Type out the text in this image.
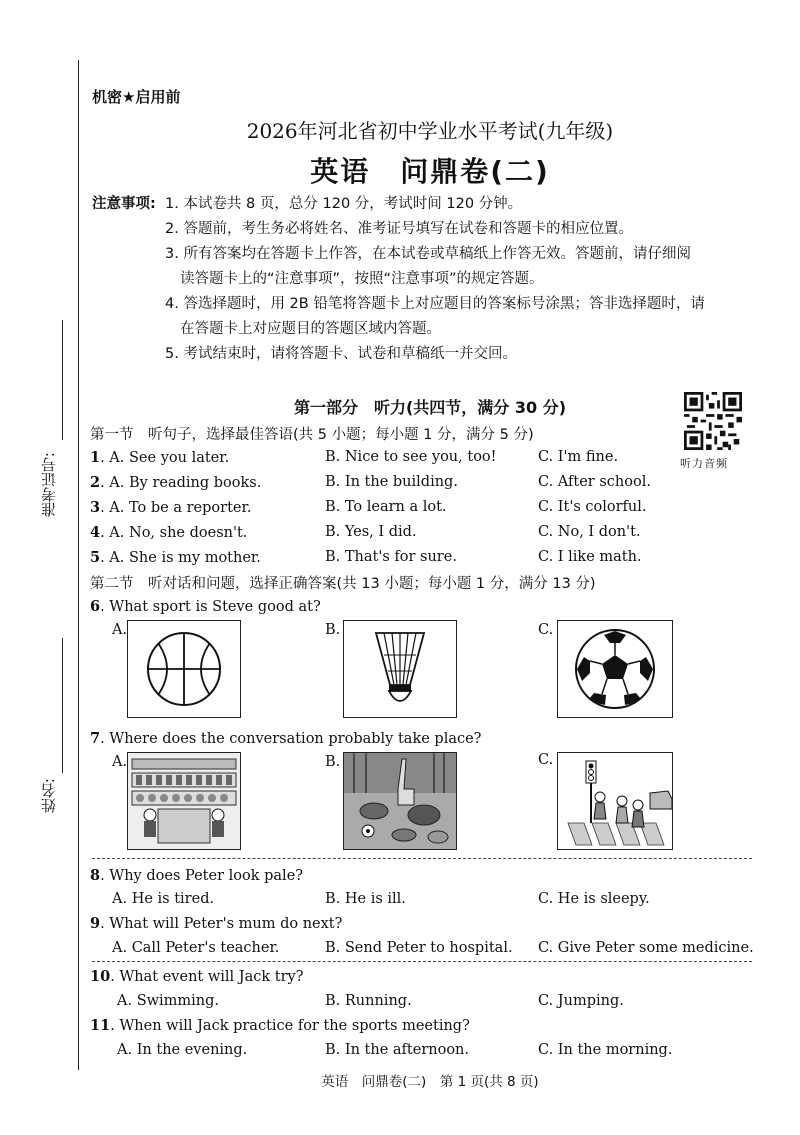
准考证号:
姓名:
机密★启用前
2026年河北省初中学业水平考试(九年级)
英语　问鼎卷(二)
注意事项: 1. 本试卷共 8 页，总分 120 分，考试时间 120 分钟。
2. 答题前，考生务必将姓名、准考证号填写在试卷和答题卡的相应位置。
3. 所有答案均在答题卡上作答，在本试卷或草稿纸上作答无效。答题前，请仔细阅
读答题卡上的“注意事项”，按照“注意事项”的规定答题。
4. 答选择题时，用 2B 铅笔将答题卡上对应题目的答案标号涂黑；答非选择题时，请
在答题卡上对应题目的答题区域内答题。
5. 考试结束时，请将答题卡、试卷和草稿纸一并交回。
第一部分　听力(共四节，满分 30 分)
听力音频
第一节　听句子，选择最佳答语(共 5 小题；每小题 1 分，满分 5 分)
1. A. See you later.	B. Nice to see you, too!	C. I'm fine.
2. A. By reading books.	B. In the building.	C. After school.
3. A. To be a reporter.	B. To learn a lot.	C. It's colorful.
4. A. No, she doesn't.	B. Yes, I did.	C. No, I don't.
5. A. She is my mother.	B. That's for sure.	C. I like math.
第二节　听对话和问题，选择正确答案(共 13 小题；每小题 1 分，满分 13 分)
6. What sport is Steve good at?
A.	B.	C.
7. Where does the conversation probably take place?
A.	B.	C.
8. Why does Peter look pale?
A. He is tired.	B. He is ill.	C. He is sleepy.
9. What will Peter's mum do next?
A. Call Peter's teacher.	B. Send Peter to hospital. C. Give Peter some medicine.
10. What event will Jack try?
A. Swimming.	B. Running.	C. Jumping.
11. When will Jack practice for the sports meeting?
A. In the evening.	B. In the afternoon.	C. In the morning.
英语　问鼎卷(二)　第 1 页(共 8 页)
